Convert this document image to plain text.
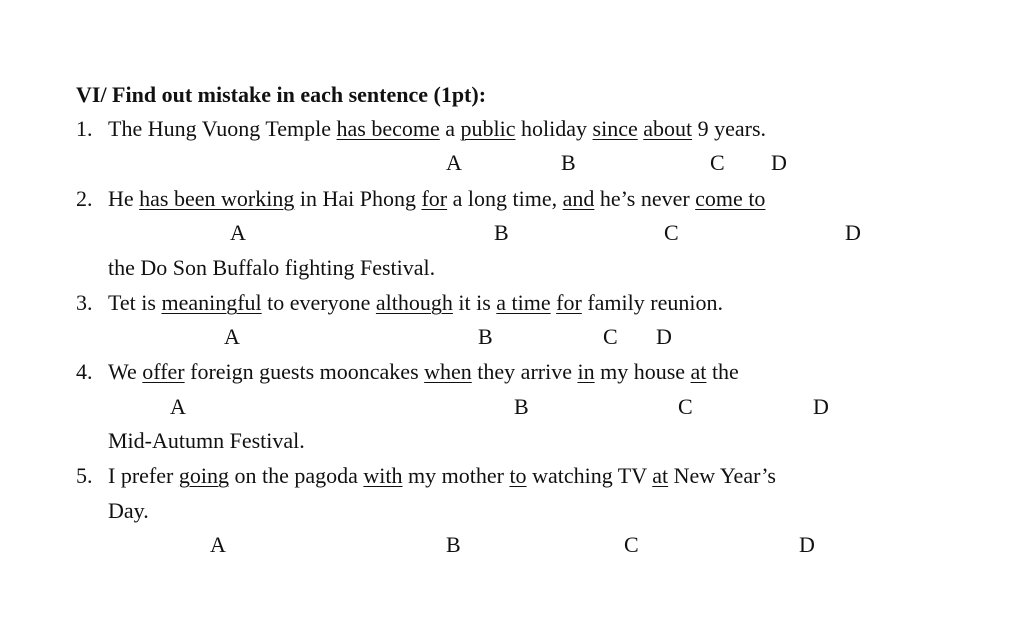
VI/ Find out mistake in each sentence (1pt):
1. The Hung Vuong Temple has become a public holiday since about 9 years.
A	B	C D
2. He has been working in Hai Phong for a long time, and he’s never come to
A	B	C	D
the Do Son Buffalo fighting Festival.
3. Tet is meaningful to everyone although it is a time for family reunion.
A	B	C D
4. We offer foreign guests mooncakes when they arrive in my house at the
A	B	C	D
Mid-Autumn Festival.
5. I prefer going on the pagoda with my mother to watching TV at New Year’s
Day.
A	B	C	D
